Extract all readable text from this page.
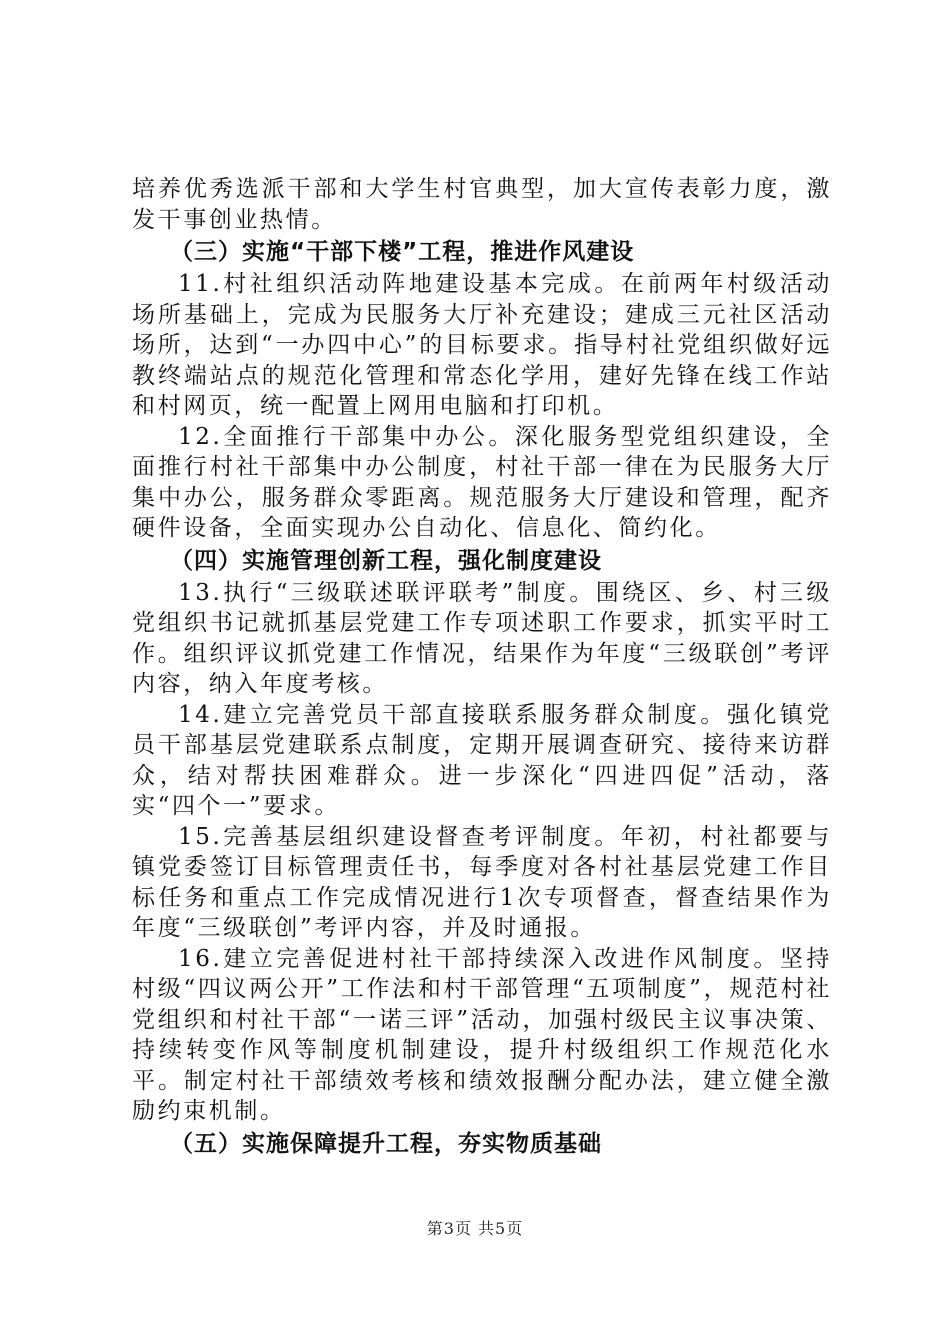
培养优秀选派干部和大学生村官典型，加大宣传表彰力度，激发干事创业热情。

（三）实施“干部下楼”工程，推进作风建设

11.村社组织活动阵地建设基本完成。在前两年村级活动场所基础上，完成为民服务大厅补充建设；建成三元社区活动场所，达到“一办四中心”的目标要求。指导村社党组织做好远教终端站点的规范化管理和常态化学用，建好先锋在线工作站和村网页，统一配置上网用电脑和打印机。

12.全面推行干部集中办公。深化服务型党组织建设，全面推行村社干部集中办公制度，村社干部一律在为民服务大厅集中办公，服务群众零距离。规范服务大厅建设和管理，配齐硬件设备，全面实现办公自动化、信息化、简约化。

（四）实施管理创新工程，强化制度建设

13.执行“三级联述联评联考”制度。围绕区、乡、村三级党组织书记就抓基层党建工作专项述职工作要求，抓实平时工作。组织评议抓党建工作情况，结果作为年度“三级联创”考评内容，纳入年度考核。

14.建立完善党员干部直接联系服务群众制度。强化镇党员干部基层党建联系点制度，定期开展调查研究、接待来访群众，结对帮扶困难群众。进一步深化“四进四促”活动，落实“四个一”要求。

15.完善基层组织建设督查考评制度。年初，村社都要与镇党委签订目标管理责任书，每季度对各村社基层党建工作目标任务和重点工作完成情况进行1次专项督查，督查结果作为年度“三级联创”考评内容，并及时通报。

16.建立完善促进村社干部持续深入改进作风制度。坚持村级“四议两公开”工作法和村干部管理“五项制度”，规范村社党组织和村社干部“一诺三评”活动，加强村级民主议事决策、持续转变作风等制度机制建设，提升村级组织工作规范化水平。制定村社干部绩效考核和绩效报酬分配办法，建立健全激励约束机制。

（五）实施保障提升工程，夯实物质基础

第3页 共5页
